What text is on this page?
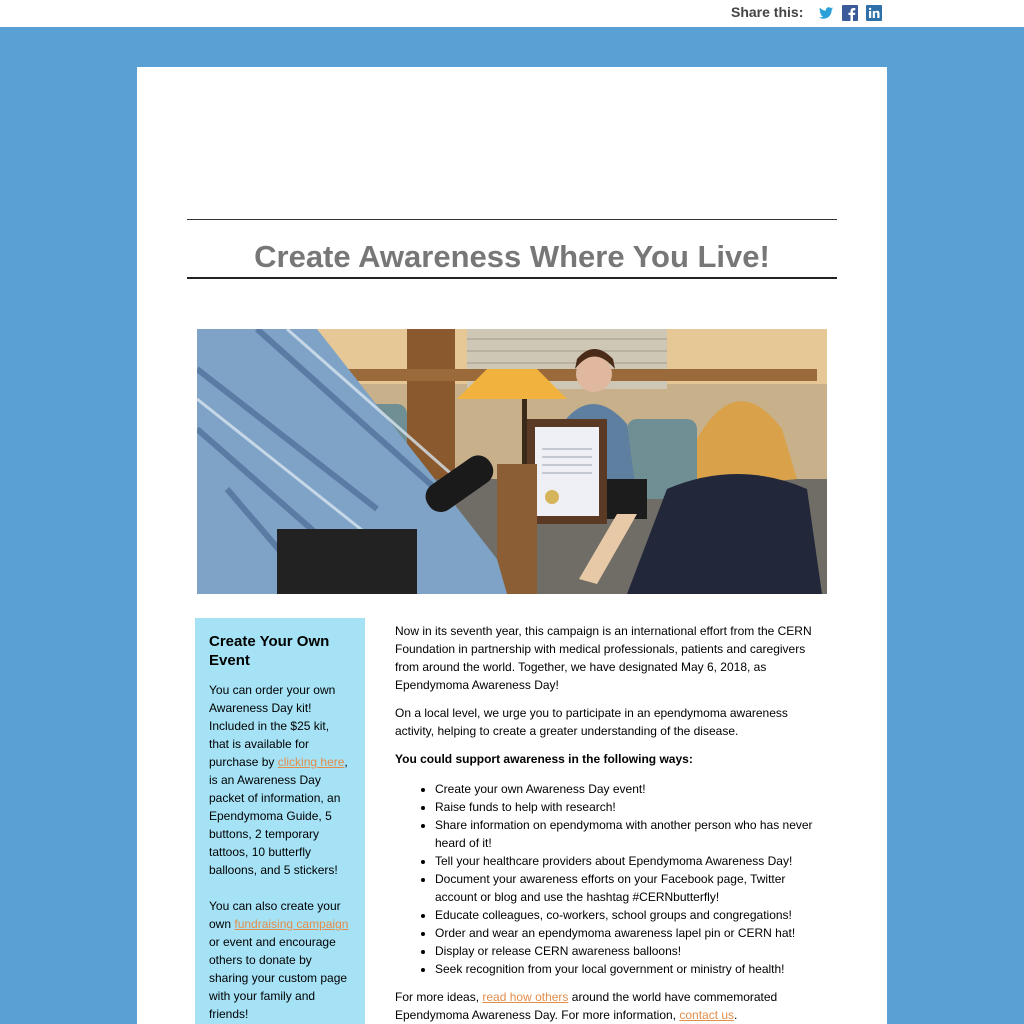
Share this:
Create Awareness Where You Live!
Create Your Own Event

You can order your own Awareness Day kit! Included in the $25 kit, that is available for purchase by clicking here, is an Awareness Day packet of information, an Ependymoma Guide, 5 buttons, 2 temporary tattoos, 10 butterfly balloons, and 5 stickers!

You can also create your own fundraising campaign or event and encourage others to donate by sharing your custom page with your family and friends!

Now in its seventh year, this campaign is an international effort from the CERN Foundation in partnership with medical professionals, patients and caregivers from around the world. Together, we have designated May 6, 2018, as Ependymoma Awareness Day!

On a local level, we urge you to participate in an ependymoma awareness activity, helping to create a greater understanding of the disease.

You could support awareness in the following ways:

• Create your own Awareness Day event!
• Raise funds to help with research!
• Share information on ependymoma with another person who has never heard of it!
• Tell your healthcare providers about Ependymoma Awareness Day!
• Document your awareness efforts on your Facebook page, Twitter account or blog and use the hashtag #CERNbutterfly!
• Educate colleagues, co-workers, school groups and congregations!
• Order and wear an ependymoma awareness lapel pin or CERN hat!
• Display or release CERN awareness balloons!
• Seek recognition from your local government or ministry of health!

For more ideas, read how others around the world have commemorated Ependymoma Awareness Day. For more information, contact us.
